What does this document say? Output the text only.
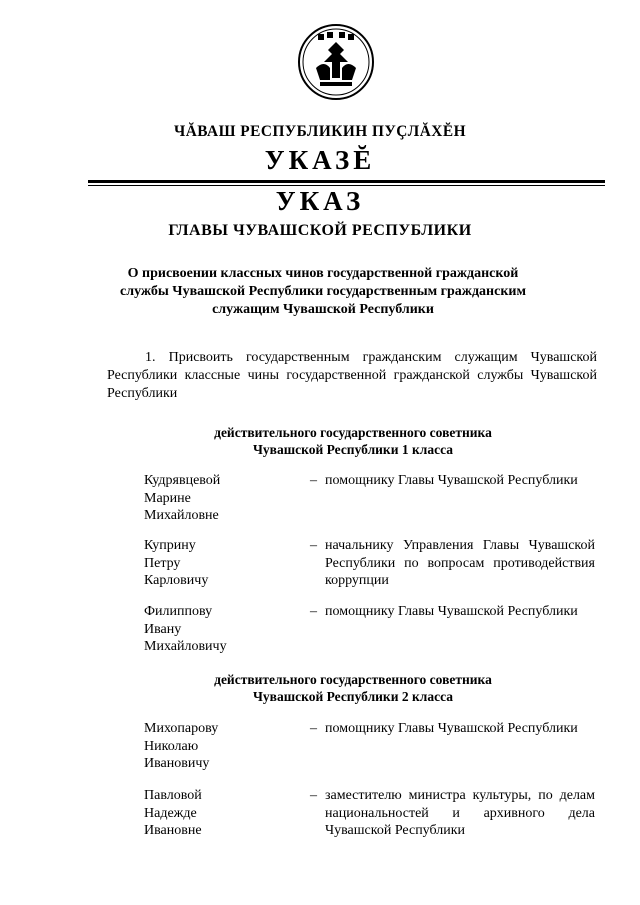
ЧĂВАШ РЕСПУБЛИКИН ПУҪЛĂХĔН
УКАЗĔ
УКАЗ
ГЛАВЫ ЧУВАШСКОЙ РЕСПУБЛИКИ
О присвоении классных чинов государственной гражданской службы Чувашской Республики государственным гражданским служащим Чувашской Республики
1. Присвоить государственным гражданским служащим Чувашской Республики классные чины государственной гражданской службы Чувашской Республики
действительного государственного советника
Чувашской Республики 1 класса
Кудрявцевой
Марине
Михайловне
– помощнику Главы Чувашской Республики
Куприну
Петру
Карловичу
– начальнику Управления Главы Чувашской Республики по вопросам противодействия коррупции
Филиппову
Ивану
Михайловичу
– помощнику Главы Чувашской Республики
действительного государственного советника
Чувашской Республики 2 класса
Михопарову
Николаю
Ивановичу
– помощнику Главы Чувашской Республики
Павловой
Надежде
Ивановне
– заместителю министра культуры, по делам национальностей и архивного дела Чувашской Республики
